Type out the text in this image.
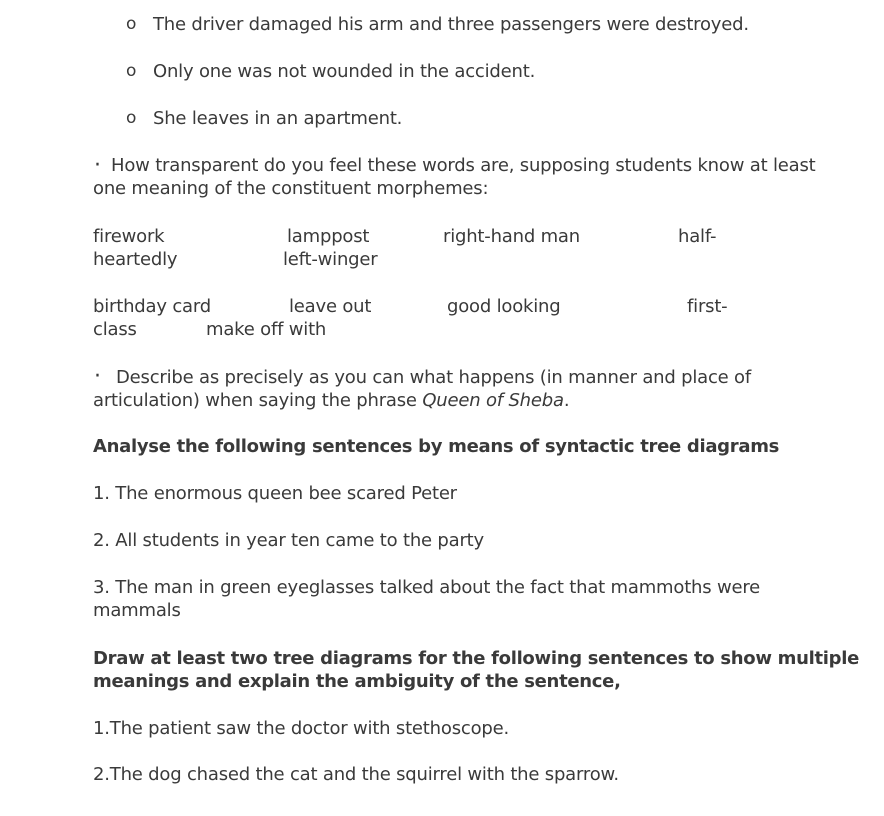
o The driver damaged his arm and three passengers were destroyed.
o Only one was not wounded in the accident.
o She leaves in an apartment.
· How transparent do you feel these words are, supposing students know at least
one meaning of the constituent morphemes:
firework	lamppost	right-hand man	half-
heartedly	left-winger
birthday card	leave out	good looking	first-
class	make off with
· Describe as precisely as you can what happens (in manner and place of
articulation) when saying the phrase Queen of Sheba.
Analyse the following sentences by means of syntactic tree diagrams
1. The enormous queen bee scared Peter
2. All students in year ten came to the party
3. The man in green eyeglasses talked about the fact that mammoths were
mammals
Draw at least two tree diagrams for the following sentences to show multiple
meanings and explain the ambiguity of the sentence,
1.The patient saw the doctor with stethoscope.
2.The dog chased the cat and the squirrel with the sparrow.
